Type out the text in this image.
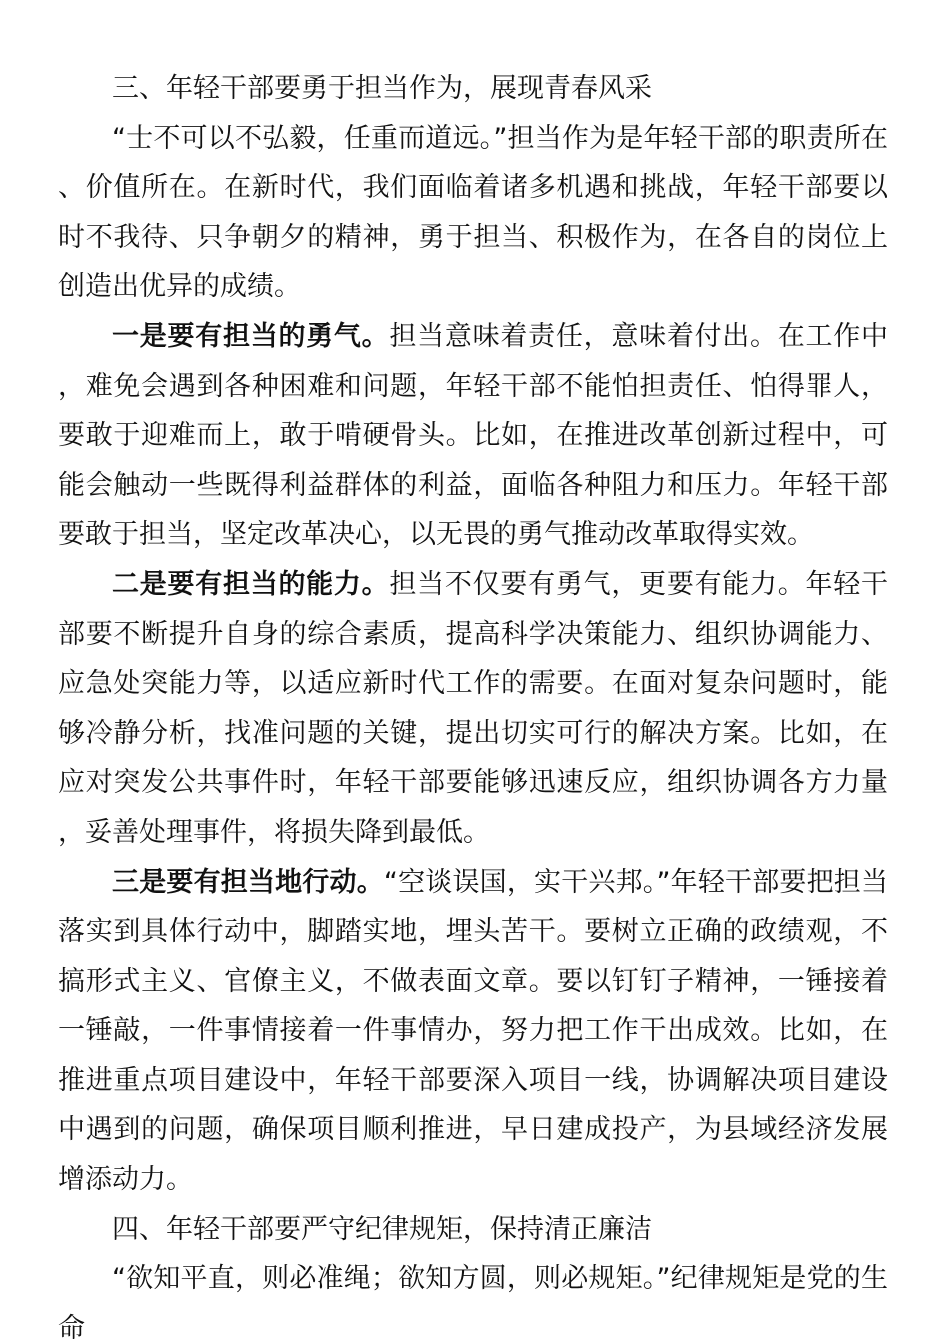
三、年轻干部要勇于担当作为，展现青春风采

“士不可以不弘毅，任重而道远。”担当作为是年轻干部的职责所在、价值所在。在新时代，我们面临着诸多机遇和挑战，年轻干部要以时不我待、只争朝夕的精神，勇于担当、积极作为，在各自的岗位上创造出优异的成绩。

一是要有担当的勇气。担当意味着责任，意味着付出。在工作中，难免会遇到各种困难和问题，年轻干部不能怕担责任、怕得罪人，要敢于迎难而上，敢于啃硬骨头。比如，在推进改革创新过程中，可能会触动一些既得利益群体的利益，面临各种阻力和压力。年轻干部要敢于担当，坚定改革决心，以无畏的勇气推动改革取得实效。

二是要有担当的能力。担当不仅要有勇气，更要有能力。年轻干部要不断提升自身的综合素质，提高科学决策能力、组织协调能力、应急处突能力等，以适应新时代工作的需要。在面对复杂问题时，能够冷静分析，找准问题的关键，提出切实可行的解决方案。比如，在应对突发公共事件时，年轻干部要能够迅速反应，组织协调各方力量，妥善处理事件，将损失降到最低。

三是要有担当地行动。“空谈误国，实干兴邦。”年轻干部要把担当落实到具体行动中，脚踏实地，埋头苦干。要树立正确的政绩观，不搞形式主义、官僚主义，不做表面文章。要以钉钉子精神，一锤接着一锤敲，一件事情接着一件事情办，努力把工作干出成效。比如，在推进重点项目建设中，年轻干部要深入项目一线，协调解决项目建设中遇到的问题，确保项目顺利推进，早日建成投产，为县域经济发展增添动力。

四、年轻干部要严守纪律规矩，保持清正廉洁

“欲知平直，则必准绳；欲知方圆，则必规矩。”纪律规矩是党的生命
